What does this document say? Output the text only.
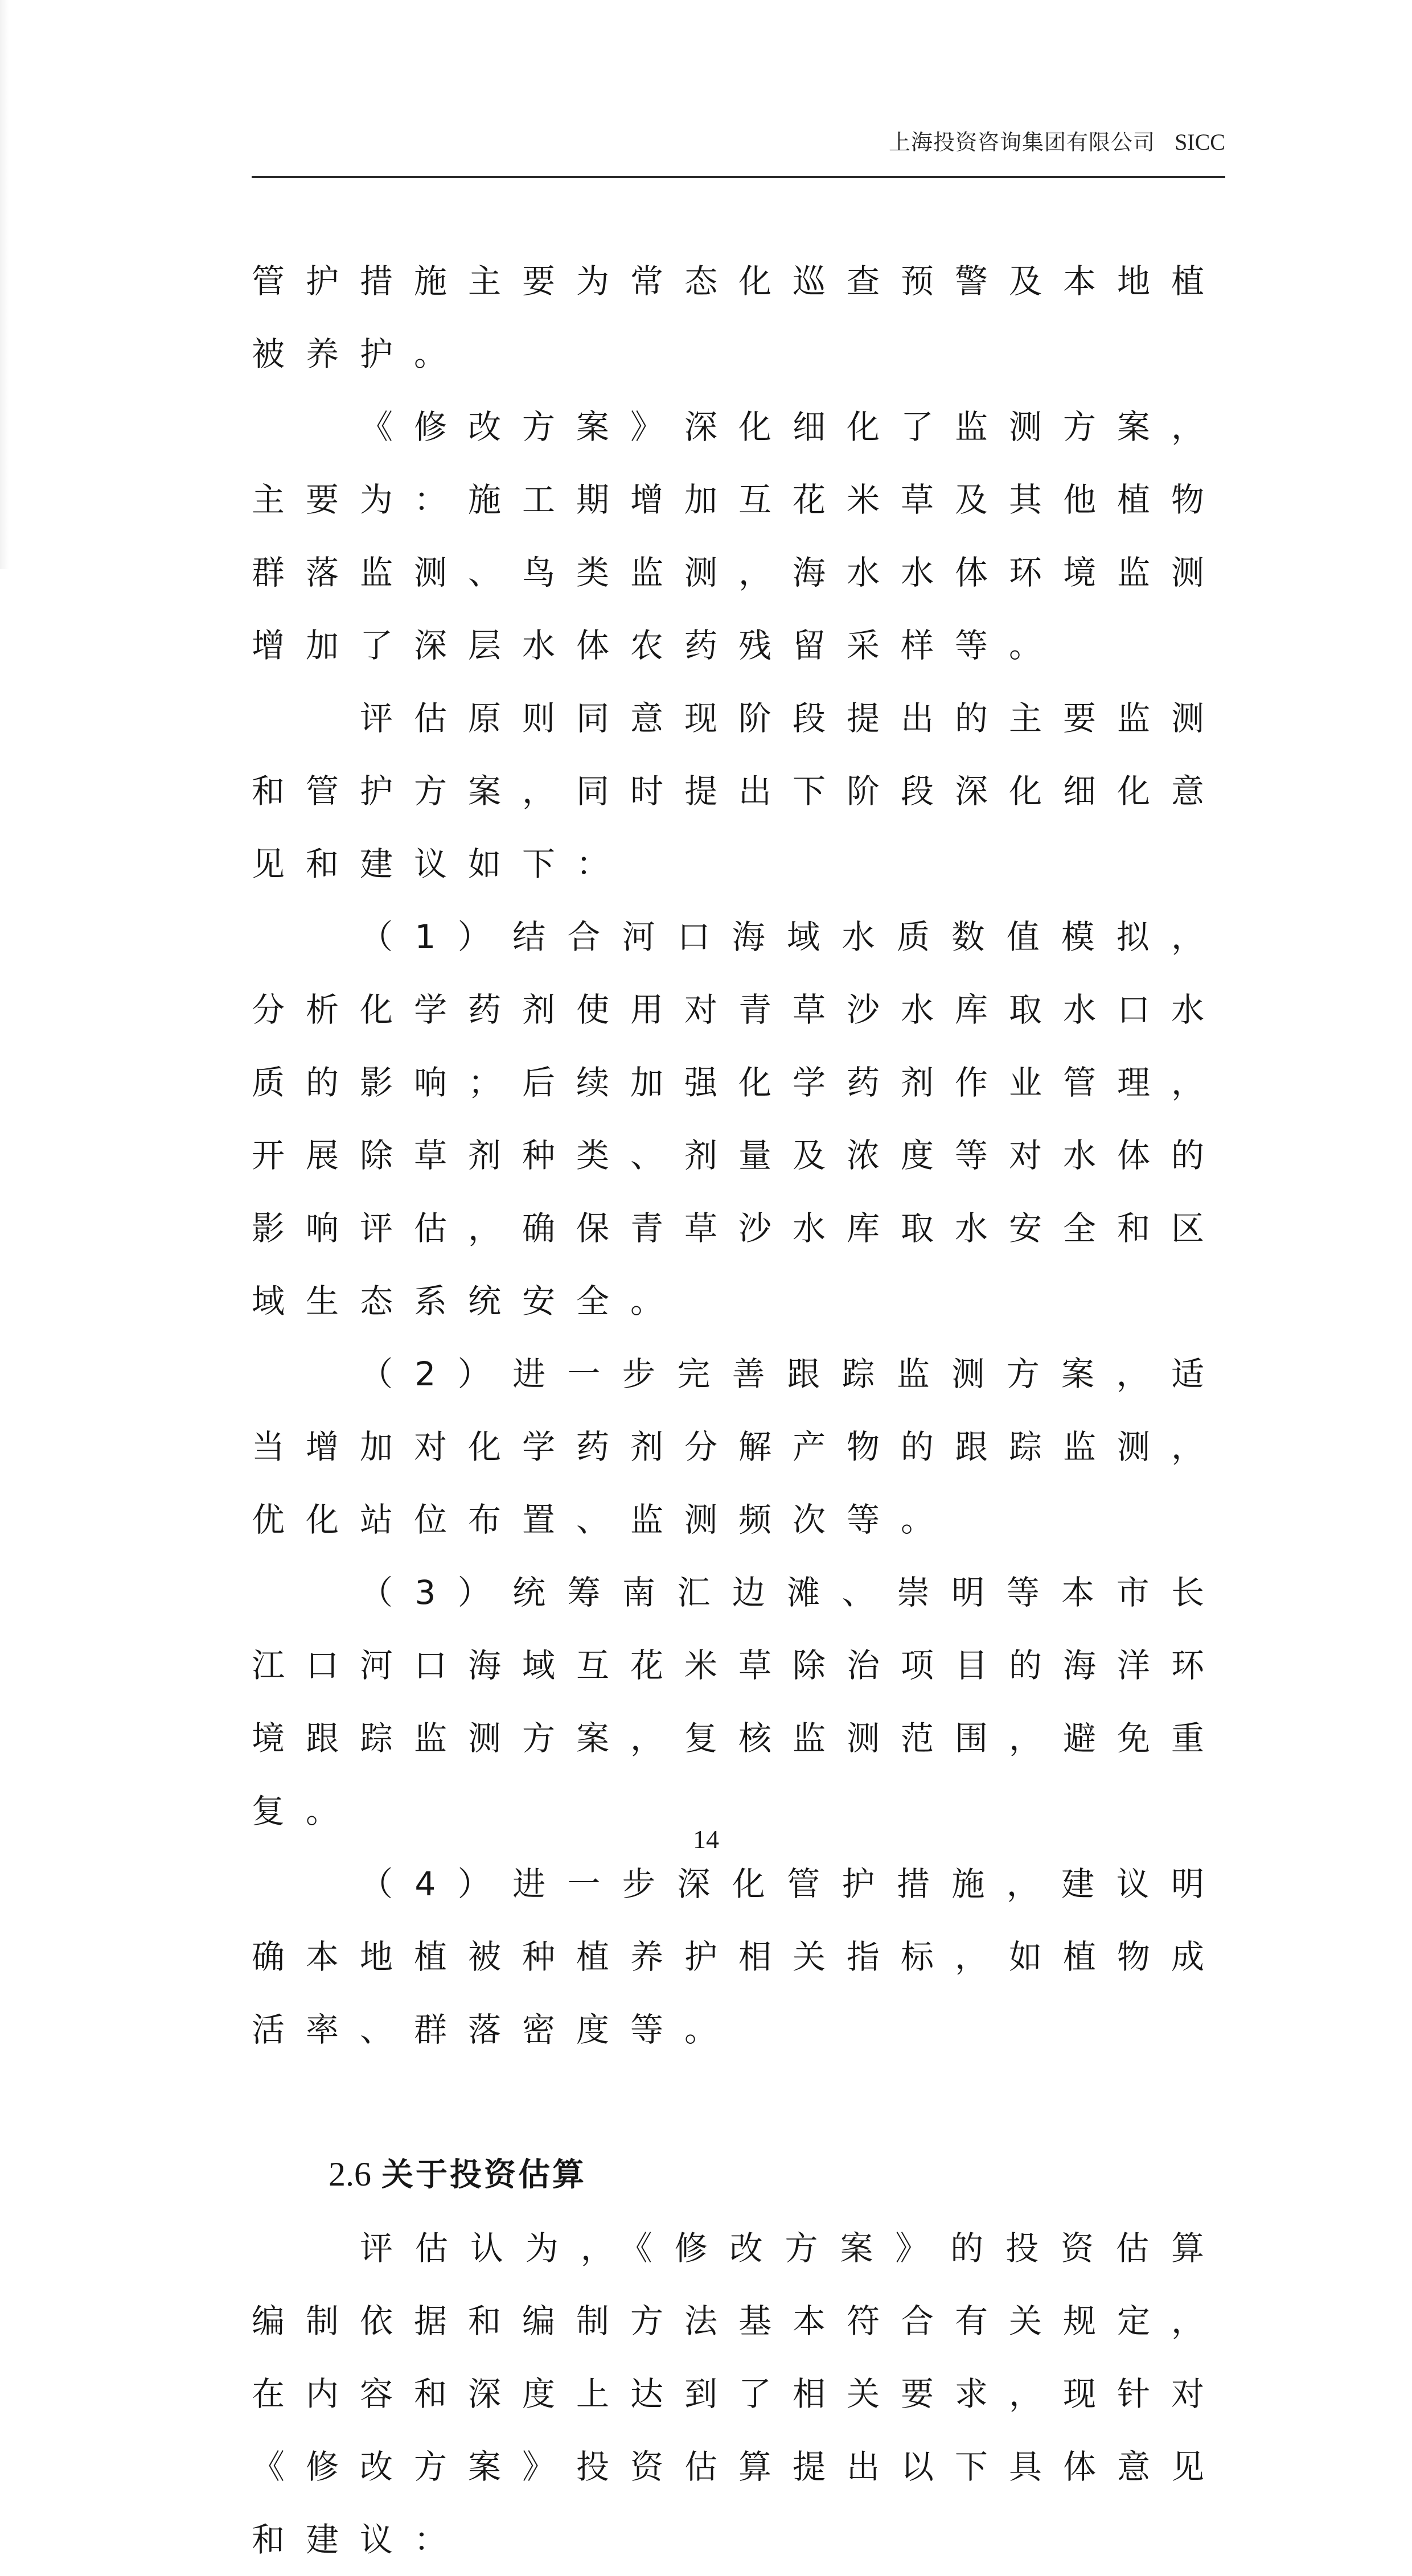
上海投资咨询集团有限公司 SICC

管护措施主要为常态化巡查预警及本地植被养护。

《修改方案》深化细化了监测方案，主要为：施工期增加互花米草及其他植物群落监测、鸟类监测，海水水体环境监测增加了深层水体农药残留采样等。

评估原则同意现阶段提出的主要监测和管护方案，同时提出下阶段深化细化意见和建议如下：

（1）结合河口海域水质数值模拟，分析化学药剂使用对青草沙水库取水口水质的影响；后续加强化学药剂作业管理，开展除草剂种类、剂量及浓度等对水体的影响评估，确保青草沙水库取水安全和区域生态系统安全。

（2）进一步完善跟踪监测方案，适当增加对化学药剂分解产物的跟踪监测，优化站位布置、监测频次等。

（3）统筹南汇边滩、崇明等本市长江口河口海域互花米草除治项目的海洋环境跟踪监测方案，复核监测范围，避免重复。

（4）进一步深化管护措施，建议明确本地植被种植养护相关指标，如植物成活率、群落密度等。

2.6 关于投资估算

评估认为，《修改方案》的投资估算编制依据和编制方法基本符合有关规定，在内容和深度上达到了相关要求，现针对《修改方案》投资估算提出以下具体意见和建议：

14
